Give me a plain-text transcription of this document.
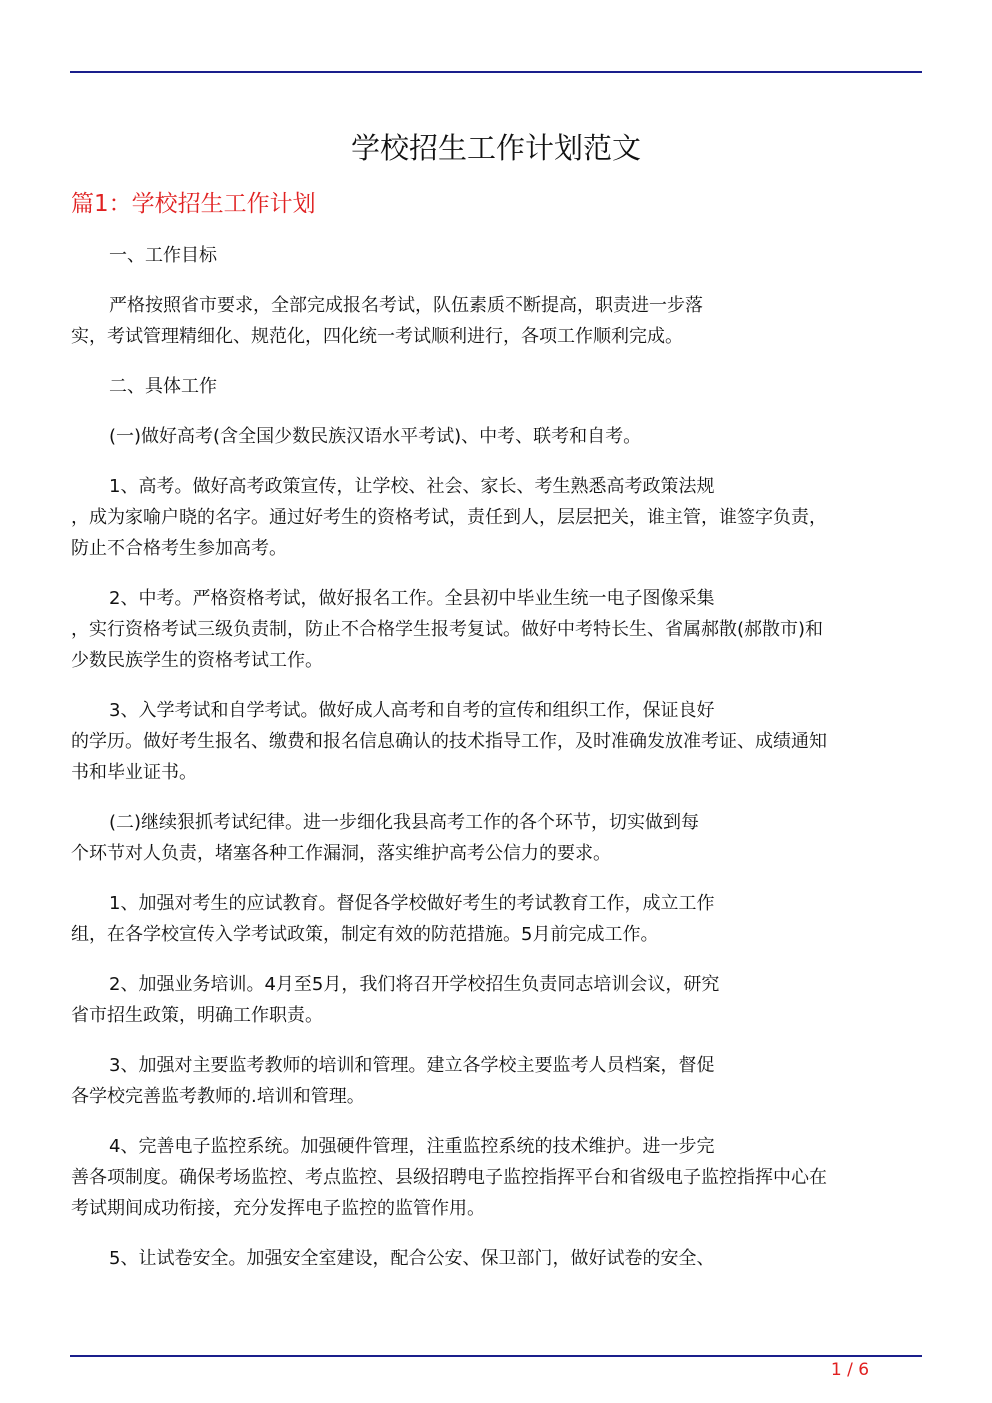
学校招生工作计划范文
篇1：学校招生工作计划
一、工作目标
严格按照省市要求，全部完成报名考试，队伍素质不断提高，职责进一步落
实，考试管理精细化、规范化，四化统一考试顺利进行，各项工作顺利完成。
二、具体工作
(一)做好高考(含全国少数民族汉语水平考试)、中考、联考和自考。
1、高考。做好高考政策宣传，让学校、社会、家长、考生熟悉高考政策法规
，成为家喻户晓的名字。通过好考生的资格考试，责任到人，层层把关，谁主管，谁签字负责，
防止不合格考生参加高考。
2、中考。严格资格考试，做好报名工作。全县初中毕业生统一电子图像采集
，实行资格考试三级负责制，防止不合格学生报考复试。做好中考特长生、省属郝散(郝散市)和
少数民族学生的资格考试工作。
3、入学考试和自学考试。做好成人高考和自考的宣传和组织工作，保证良好
的学历。做好考生报名、缴费和报名信息确认的技术指导工作，及时准确发放准考证、成绩通知
书和毕业证书。
(二)继续狠抓考试纪律。进一步细化我县高考工作的各个环节，切实做到每
个环节对人负责，堵塞各种工作漏洞，落实维护高考公信力的要求。
1、加强对考生的应试教育。督促各学校做好考生的考试教育工作，成立工作
组，在各学校宣传入学考试政策，制定有效的防范措施。5月前完成工作。
2、加强业务培训。4月至5月，我们将召开学校招生负责同志培训会议，研究
省市招生政策，明确工作职责。
3、加强对主要监考教师的培训和管理。建立各学校主要监考人员档案，督促
各学校完善监考教师的.培训和管理。
4、完善电子监控系统。加强硬件管理，注重监控系统的技术维护。进一步完
善各项制度。确保考场监控、考点监控、县级招聘电子监控指挥平台和省级电子监控指挥中心在
考试期间成功衔接，充分发挥电子监控的监管作用。
5、让试卷安全。加强安全室建设，配合公安、保卫部门，做好试卷的安全、
1 / 6
